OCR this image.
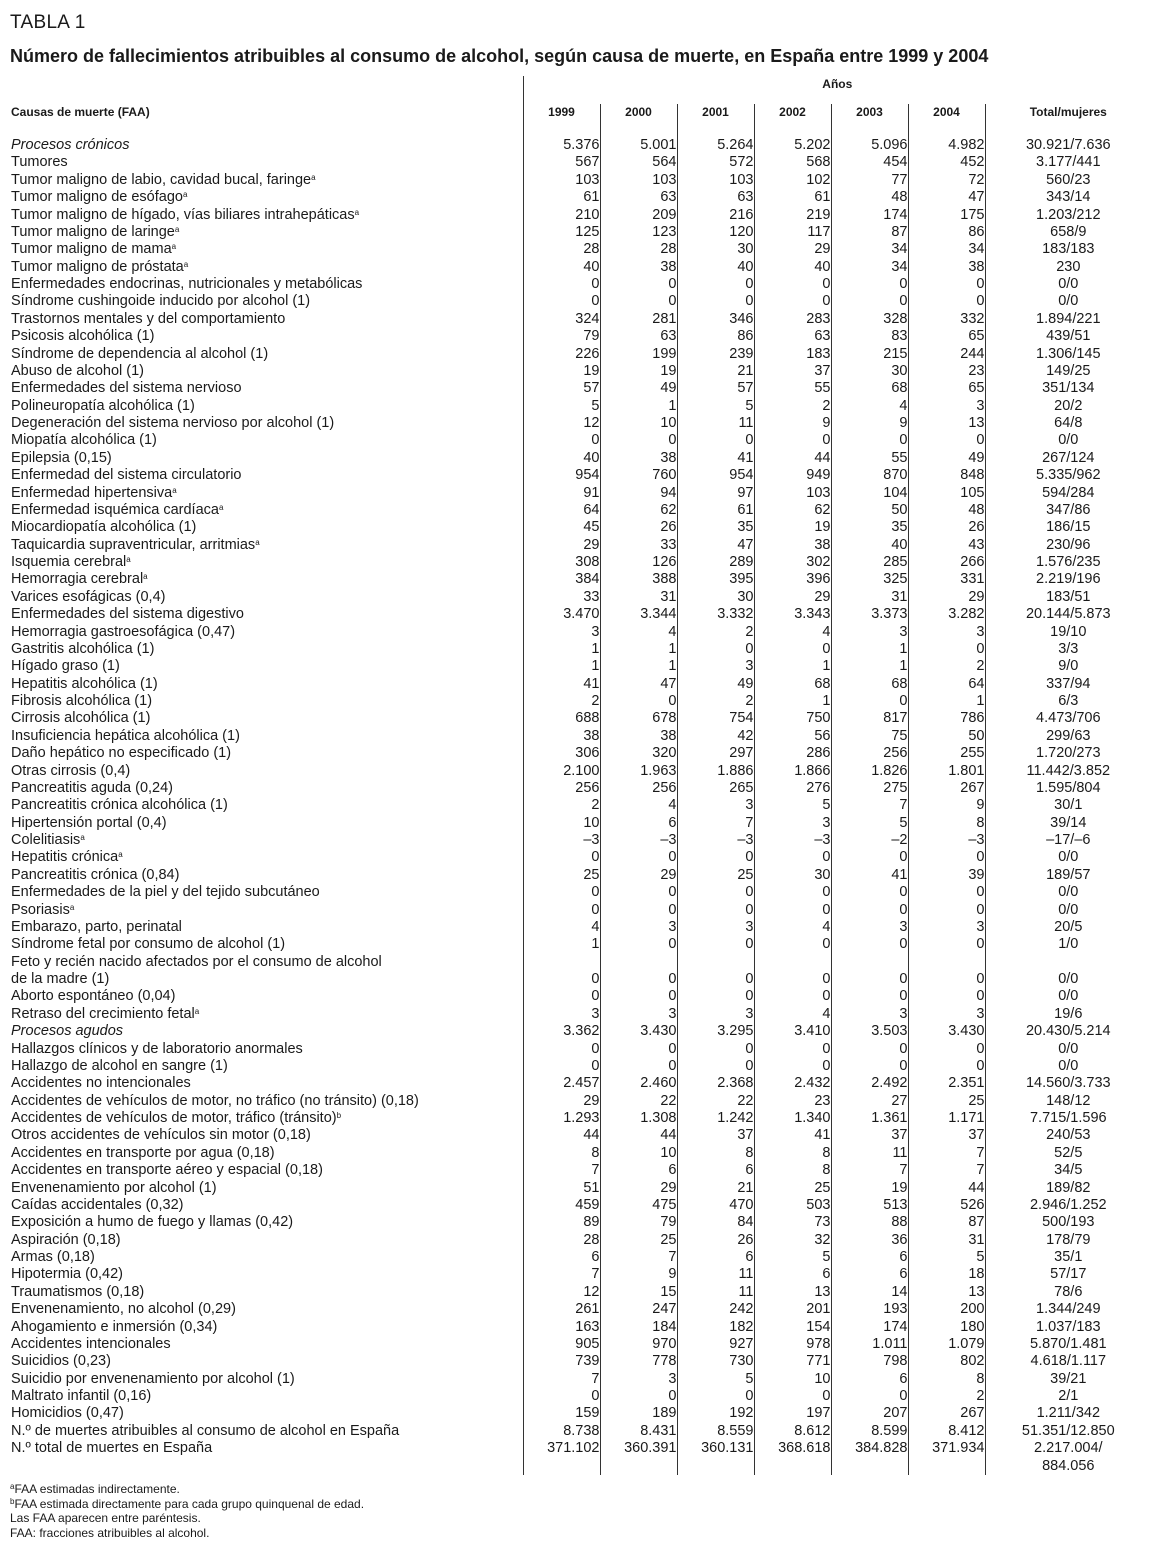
TABLA 1
Número de fallecimientos atribuibles al consumo de alcohol, según causa de muerte, en España entre 1999 y 2004
	Años						
Causas de muerte (FAA)	1999	2000	2001	2002	2003	2004	Total/mujeres

Procesos crónicos	5.376	5.001	5.264	5.202	5.096	4.982	30.921/7.636

Tumores	567	564	572	568	454	452	3.177/441

Tumor maligno de labio, cavidad bucal, faringe$^a$	103	103	103	102	77	72	560/23

Tumor maligno de esófago$^a$	61	63	63	61	48	47	343/14

Tumor maligno de hígado, vías biliares intrahepáticas$^a$	210	209	216	219	174	175	1.203/212

Tumor maligno de laringe$^a$	125	123	120	117	87	86	658/9

Tumor maligno de mama$^a$	28	28	30	29	34	34	183/183

Tumor maligno de próstata$^a$	40	38	40	40	34	38	230

Enfermedades endocrinas, nutricionales y metabólicas	0	0	0	0	0	0	0/0

Síndrome cushingoide inducido por alcohol (1)	0	0	0	0	0	0	0/0

Trastornos mentales y del comportamiento	324	281	346	283	328	332	1.894/221

Psicosis alcohólica (1)	79	63	86	63	83	65	439/51

Síndrome de dependencia al alcohol (1)	226	199	239	183	215	244	1.306/145

Abuso de alcohol (1)	19	19	21	37	30	23	149/25

Enfermedades del sistema nervioso	57	49	57	55	68	65	351/134

Polineuropatía alcohólica (1)	5	1	5	2	4	3	20/2

Degeneración del sistema nervioso por alcohol (1)	12	10	11	9	9	13	64/8

Miopatía alcohólica (1)	0	0	0	0	0	0	0/0

Epilepsia (0,15)	40	38	41	44	55	49	267/124

Enfermedad del sistema circulatorio	954	760	954	949	870	848	5.335/962

Enfermedad hipertensiva$^a$	91	94	97	103	104	105	594/284

Enfermedad isquémica cardíaca$^a$	64	62	61	62	50	48	347/86

Miocardiopatía alcohólica (1)	45	26	35	19	35	26	186/15

Taquicardia supraventricular, arritmias$^a$	29	33	47	38	40	43	230/96

Isquemia cerebral$^a$	308	126	289	302	285	266	1.576/235

Hemorragia cerebral$^a$	384	388	395	396	325	331	2.219/196

Varices esofágicas (0,4)	33	31	30	29	31	29	183/51

Enfermedades del sistema digestivo	3.470	3.344	3.332	3.343	3.373	3.282	20.144/5.873

Hemorragia gastroesofágica (0,47)	3	4	2	4	3	3	19/10

Gastritis alcohólica (1)	1	1	0	0	1	0	3/3

Hígado graso (1)	1	1	3	1	1	2	9/0

Hepatitis alcohólica (1)	41	47	49	68	68	64	337/94

Fibrosis alcohólica (1)	2	0	2	1	0	1	6/3

Cirrosis alcohólica (1)	688	678	754	750	817	786	4.473/706

Insuficiencia hepática alcohólica (1)	38	38	42	56	75	50	299/63

Daño hepático no especificado (1)	306	320	297	286	256	255	1.720/273

Otras cirrosis (0,4)	2.100	1.963	1.886	1.866	1.826	1.801	11.442/3.852

Pancreatitis aguda (0,24)	256	256	265	276	275	267	1.595/804

Pancreatitis crónica alcohólica (1)	2	4	3	5	7	9	30/1

Hipertensión portal (0,4)	10	6	7	3	5	8	39/14

Colelitiasis$^a$	–3	–3	–3	–3	–2	–3	–17/–6

Hepatitis crónica$^a$	0	0	0	0	0	0	0/0

Pancreatitis crónica (0,84)	25	29	25	30	41	39	189/57

Enfermedades de la piel y del tejido subcutáneo	0	0	0	0	0	0	0/0

Psoriasis$^a$	0	0	0	0	0	0	0/0

Embarazo, parto, perinatal	4	3	3	4	3	3	20/5

Síndrome fetal por consumo de alcohol (1)	1	0	0	0	0	0	1/0

Feto y recién nacido afectados por el consumo de alcohol							

de la madre (1)	0	0	0	0	0	0	0/0

Aborto espontáneo (0,04)	0	0	0	0	0	0	0/0

Retraso del crecimiento fetal$^a$	3	3	3	4	3	3	19/6

Procesos agudos	3.362	3.430	3.295	3.410	3.503	3.430	20.430/5.214

Hallazgos clínicos y de laboratorio anormales	0	0	0	0	0	0	0/0

Hallazgo de alcohol en sangre (1)	0	0	0	0	0	0	0/0

Accidentes no intencionales	2.457	2.460	2.368	2.432	2.492	2.351	14.560/3.733

Accidentes de vehículos de motor, no tráfico (no tránsito) (0,18)	29	22	22	23	27	25	148/12

Accidentes de vehículos de motor, tráfico (tránsito)$^b$	1.293	1.308	1.242	1.340	1.361	1.171	7.715/1.596

Otros accidentes de vehículos sin motor (0,18)	44	44	37	41	37	37	240/53

Accidentes en transporte por agua (0,18)	8	10	8	8	11	7	52/5

Accidentes en transporte aéreo y espacial (0,18)	7	6	6	8	7	7	34/5

Envenenamiento por alcohol (1)	51	29	21	25	19	44	189/82

Caídas accidentales (0,32)	459	475	470	503	513	526	2.946/1.252

Exposición a humo de fuego y llamas (0,42)	89	79	84	73	88	87	500/193

Aspiración (0,18)	28	25	26	32	36	31	178/79

Armas (0,18)	6	7	6	5	6	5	35/1

Hipotermia (0,42)	7	9	11	6	6	18	57/17

Traumatismos (0,18)	12	15	11	13	14	13	78/6

Envenenamiento, no alcohol (0,29)	261	247	242	201	193	200	1.344/249

Ahogamiento e inmersión (0,34)	163	184	182	154	174	180	1.037/183

Accidentes intencionales	905	970	927	978	1.011	1.079	5.870/1.481

Suicidios (0,23)	739	778	730	771	798	802	4.618/1.117

Suicidio por envenenamiento por alcohol (1)	7	3	5	10	6	8	39/21

Maltrato infantil (0,16)	0	0	0	0	0	2	2/1

Homicidios (0,47)	159	189	192	197	207	267	1.211/342

N.º de muertes atribuibles al consumo de alcohol en España	8.738	8.431	8.559	8.612	8.599	8.412	51.351/12.850

N.º total de muertes en España	371.102	360.391	360.131	368.618	384.828	371.934	2.217.004/
884.056
$^a$FAA estimadas indirectamente.
$^b$FAA estimada directamente para cada grupo quinquenal de edad.
Las FAA aparecen entre paréntesis.
FAA: fracciones atribuibles al alcohol.
